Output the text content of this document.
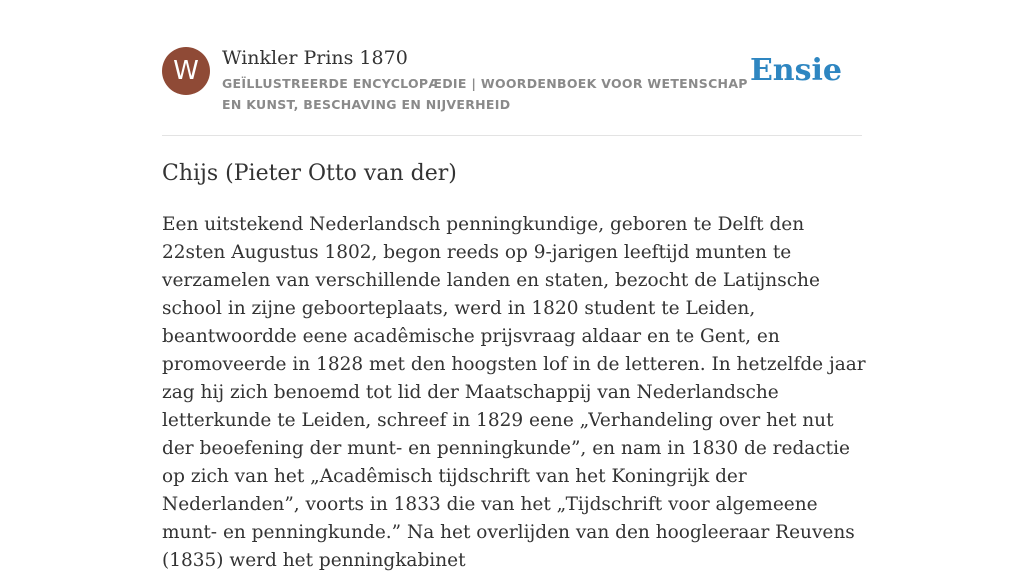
W	Winkler Prins 1870
GEÏLLUSTREERDE ENCYCLOPÆDIE | WOORDENBOEK VOOR WETENSCHAP EN KUNST, BESCHAVING EN NIJVERHEID
Ensie
Chijs (Pieter Otto van der)

Een uitstekend Nederlandsch penningkundige, geboren te Delft den 22sten Augustus 1802, begon reeds op 9-jarigen leeftijd munten te verzamelen van verschillende landen en staten, bezocht de Latijnsche school in zijne geboorteplaats, werd in 1820 student te Leiden, beantwoordde eene acadêmische prijsvraag aldaar en te Gent, en promoveerde in 1828 met den hoogsten lof in de letteren. In hetzelfde jaar zag hij zich benoemd tot lid der Maatschappij van Nederlandsche letterkunde te Leiden, schreef in 1829 eene „Verhandeling over het nut der beoefening der munt- en penningkunde”, en nam in 1830 de redactie op zich van het „Acadêmisch tijdschrift van het Koningrijk der Nederlanden”, voorts in 1833 die van het „Tijdschrift voor algemeene munt- en penningkunde.” Na het overlijden van den hoogleeraar Reuvens (1835) werd het penningkabinet
